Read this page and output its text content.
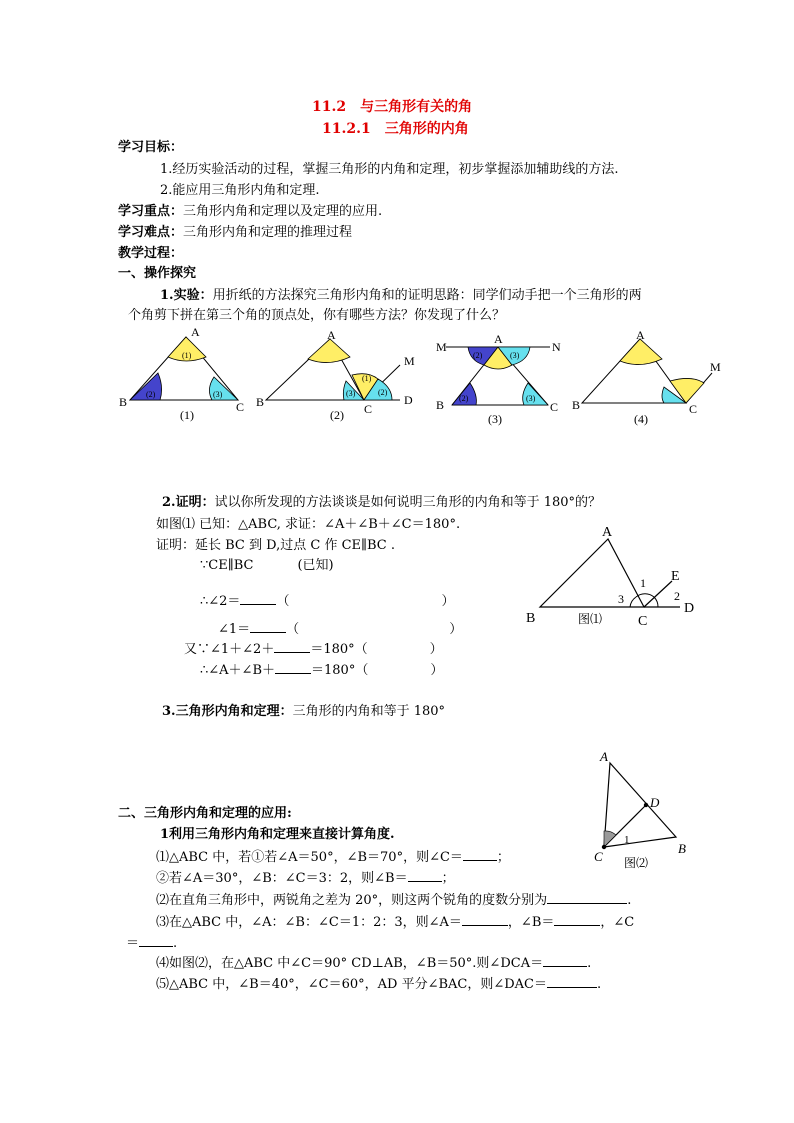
11.2　与三角形有关的角
11.2.1　三角形的内角
学习目标：
1.经历实验活动的过程，掌握三角形的内角和定理，初步掌握添加辅助线的方法.
2.能应用三角形内角和定理.
学习重点：三角形内角和定理以及定理的应用.
学习难点：三角形内角和定理的推理过程
教学过程：
一、操作探究
1.实验：用折纸的方法探究三角形内角和的证明思路：同学们动手把一个三角形的两
个角剪下拼在第三个角的顶点处，你有哪些方法？你发现了什么？
(1)
(2)	(3)
A
B	C
(1)
(1)
(3)	(2)
A
B	C
D
M
(2)
(2)	(3)
(2)	(3)
M
A
N
B	C
(3)
A
B	C
M
(4)
2.证明：试以你所发现的方法谈谈是如何说明三角形的内角和等于 180°的？
如图⑴ 已知：△ABC, 求证：∠A＋∠B＋∠C＝180°.
证明：延长 BC 到 D,过点 C 作 CE∥BC .
∵CE∥BC	(已知)
∴∠2＝	（	）
∠1＝	（	）
又∵∠1＋∠2＋	＝180°（	）
∴∠A＋∠B＋	＝180°（	）
A
B	C
D
E
1
2
3
图⑴
3.三角形内角和定理：三角形的内角和等于 180°
A
D
C
B
1
图⑵
二、三角形内角和定理的应用:
1利用三角形内角和定理来直接计算角度.
⑴△ABC 中，若①若∠A＝50°，∠B＝70°，则∠C＝	；
②若∠A＝30°，∠B：∠C＝3：2，则∠B＝	；
⑵在直角三角形中，两锐角之差为 20°，则这两个锐角的度数分别为	.
⑶在△ABC 中，∠A：∠B：∠C＝1：2：3，则∠A＝	，∠B＝	，∠C
＝	.
⑷如图⑵，在△ABC 中∠C＝90° CD⊥AB，∠B＝50°.则∠DCA＝	.
⑸△ABC 中，∠B＝40°，∠C＝60°，AD 平分∠BAC，则∠DAC＝	.
